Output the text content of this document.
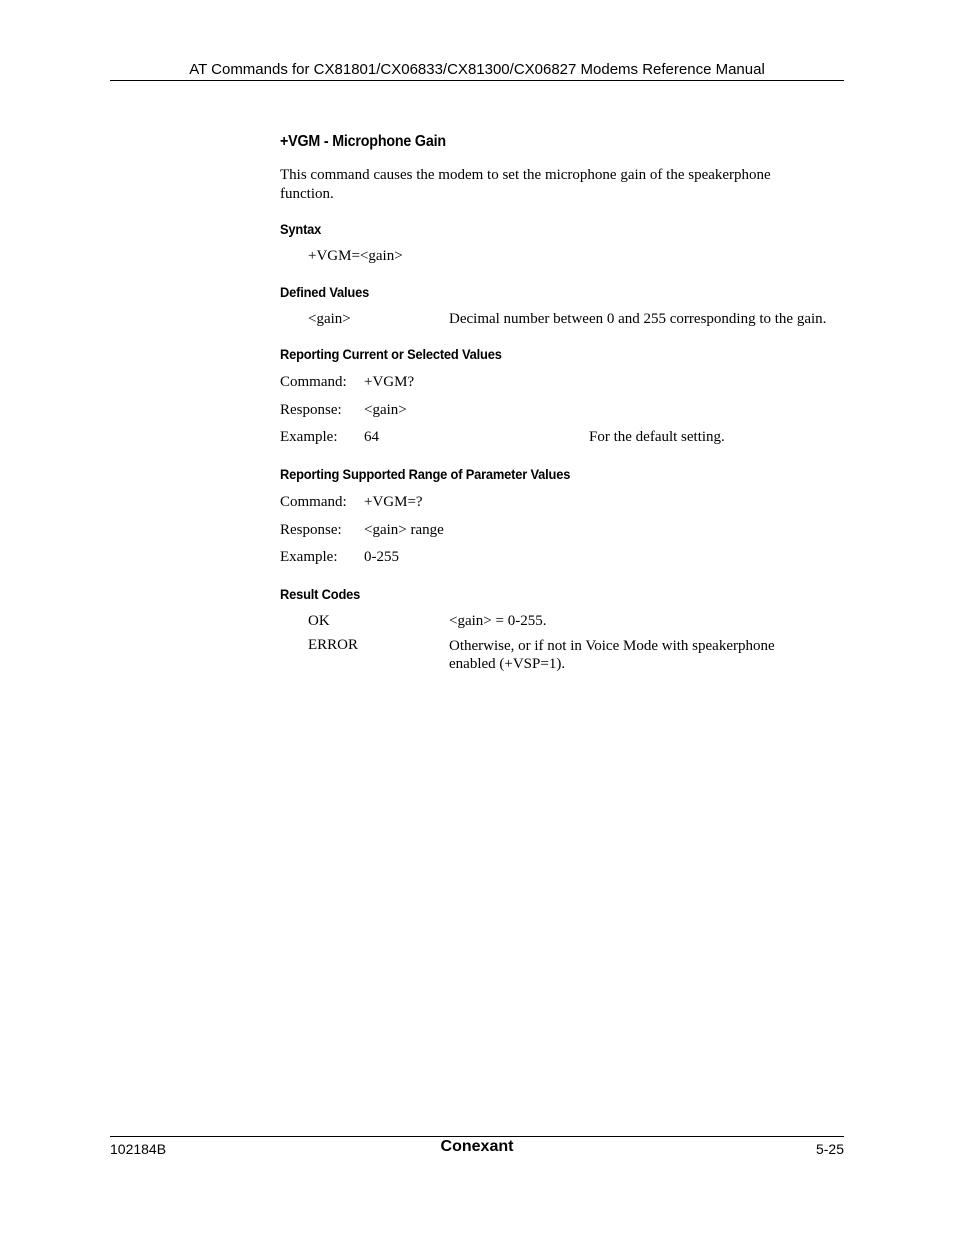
AT Commands for CX81801/CX06833/CX81300/CX06827 Modems Reference Manual
+VGM - Microphone Gain
This command causes the modem to set the microphone gain of the speakerphone function.
Syntax
+VGM=<gain>
Defined Values
<gain>	Decimal number between 0 and 255 corresponding to the gain.
Reporting Current or Selected Values
Command: +VGM?
Response: <gain>
Example: 64	For the default setting.
Reporting Supported Range of Parameter Values
Command: +VGM=?
Response: <gain> range
Example: 0-255
Result Codes
OK	<gain> = 0-255.
ERROR	Otherwise, or if not in Voice Mode with speakerphone enabled (+VSP=1).
102184B	Conexant	5-25
